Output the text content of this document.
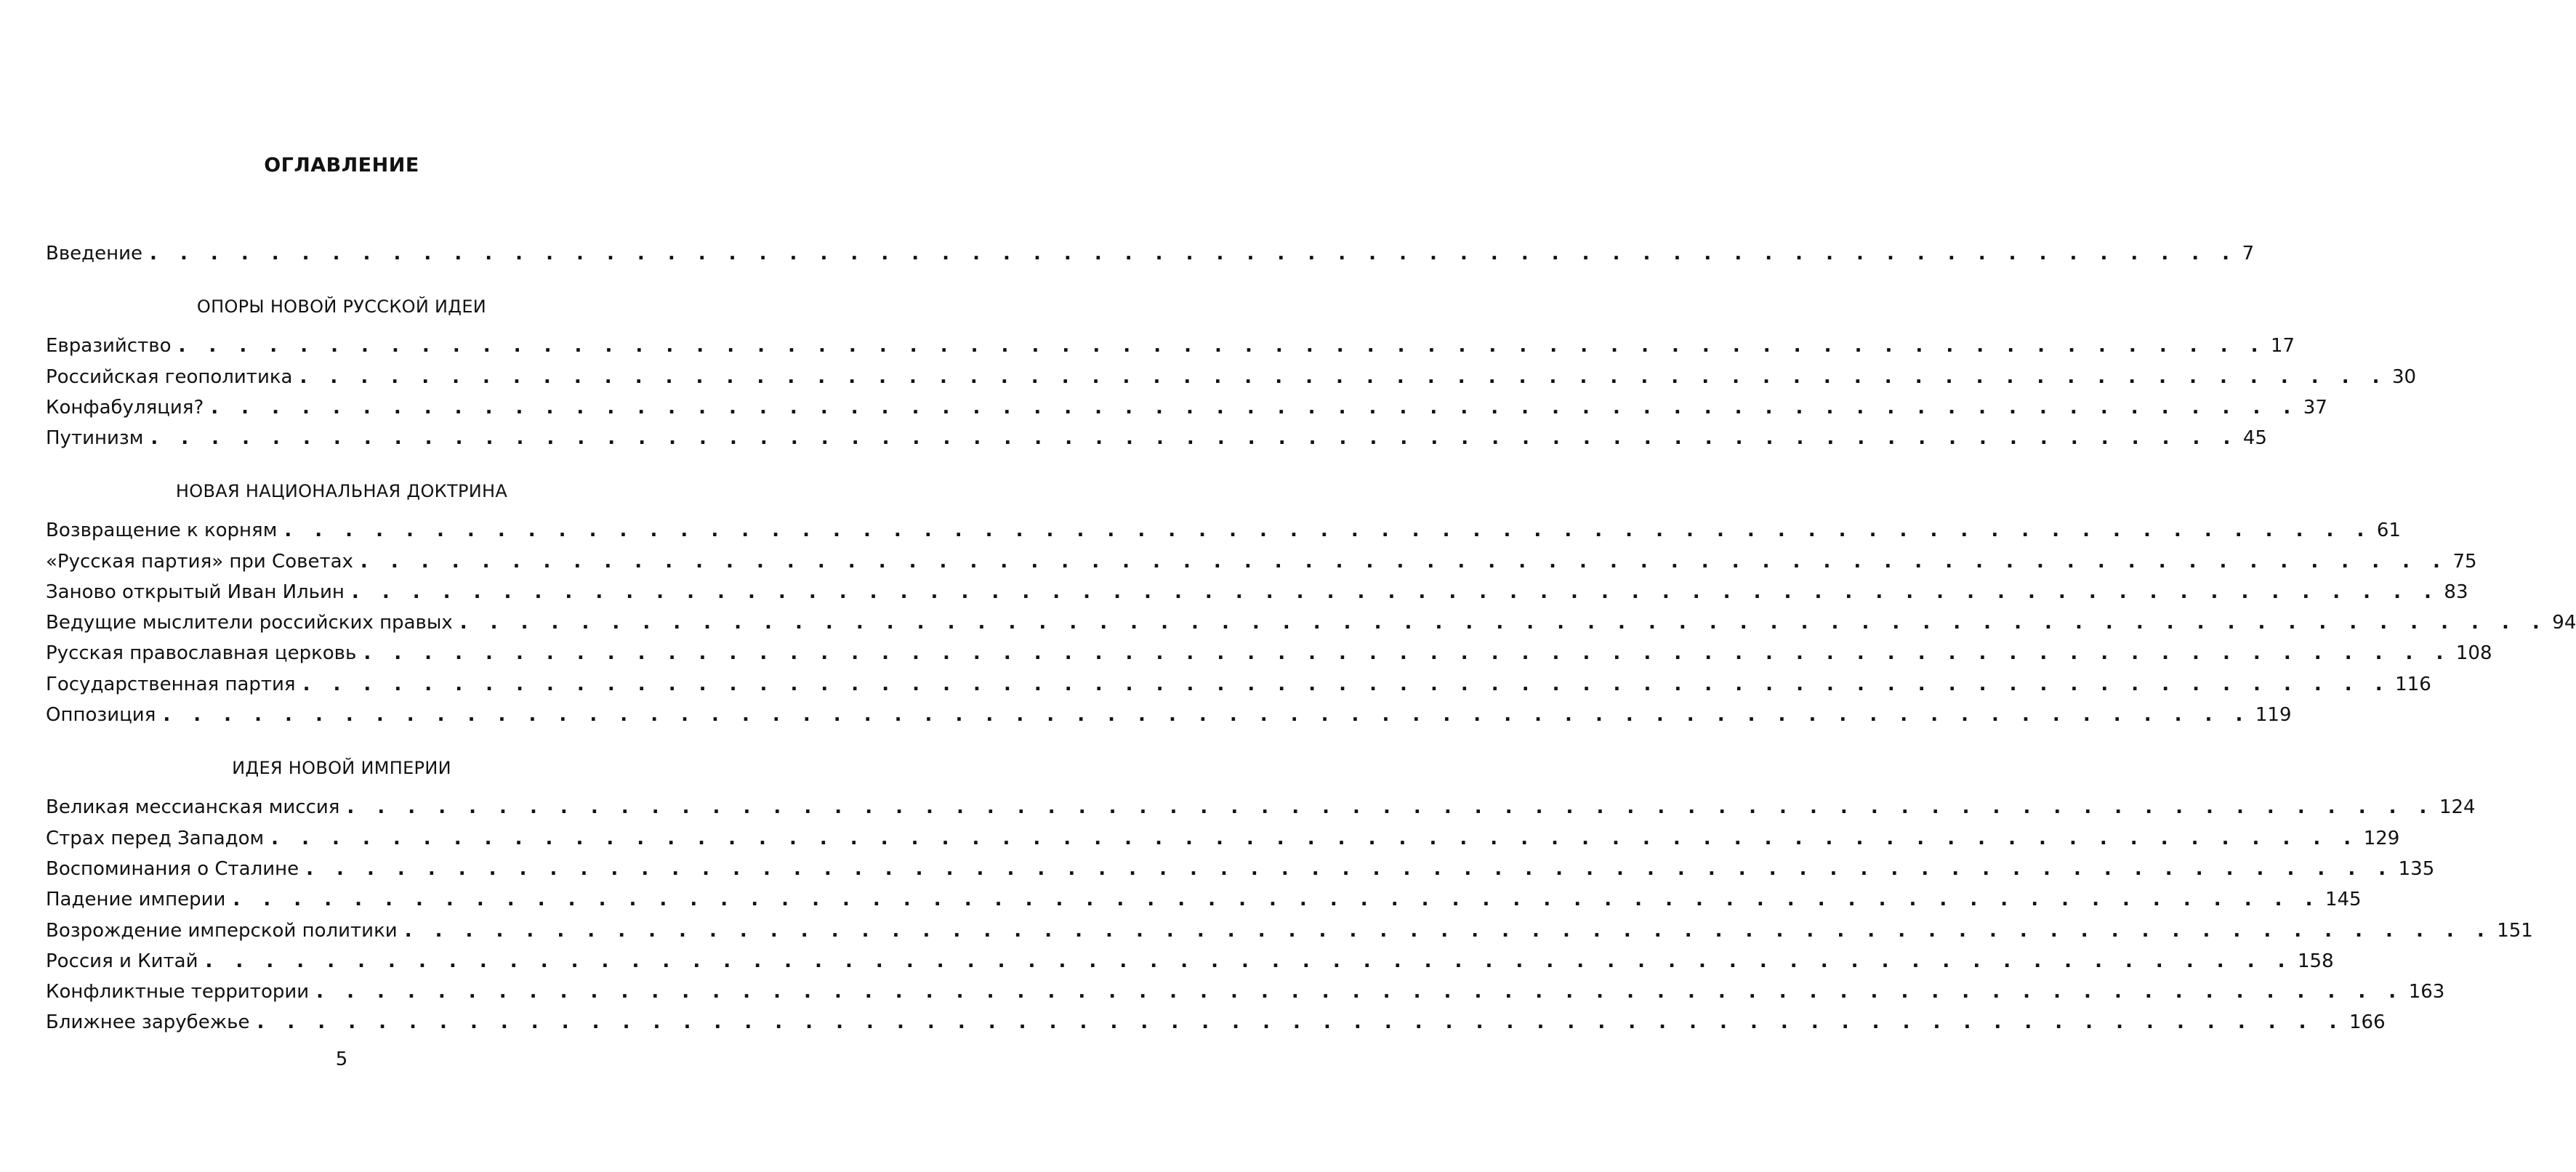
ОГЛАВЛЕНИЕ
Введение . . . . . . . . . . . . . . . . . . . . . . . . . . . . . . . . . . . . . . . . . . . . . . . . . . . . . . . . . . . . . . . . . . . . . 7
ОПОРЫ НОВОЙ РУССКОЙ ИДЕИ
Евразийство . . . . . . . . . . . . . . . . . . . . . . . . . . . . . . . . . . . . . . . . . . . . . . . . . . . . . . . . . . . . . . . . . . . . . 17
Российская геополитика . . . . . . . . . . . . . . . . . . . . . . . . . . . . . . . . . . . . . . . . . . . . . . . . . . . . . . . . . . . . . . . . . . . . . 30
Конфабуляция? . . . . . . . . . . . . . . . . . . . . . . . . . . . . . . . . . . . . . . . . . . . . . . . . . . . . . . . . . . . . . . . . . . . . . 37
Путинизм . . . . . . . . . . . . . . . . . . . . . . . . . . . . . . . . . . . . . . . . . . . . . . . . . . . . . . . . . . . . . . . . . . . . . 45
НОВАЯ НАЦИОНАЛЬНАЯ ДОКТРИНА
Возвращение к корням . . . . . . . . . . . . . . . . . . . . . . . . . . . . . . . . . . . . . . . . . . . . . . . . . . . . . . . . . . . . . . . . . . . . . 61
«Русская партия» при Советах . . . . . . . . . . . . . . . . . . . . . . . . . . . . . . . . . . . . . . . . . . . . . . . . . . . . . . . . . . . . . . . . . . . . . 75
Заново открытый Иван Ильин . . . . . . . . . . . . . . . . . . . . . . . . . . . . . . . . . . . . . . . . . . . . . . . . . . . . . . . . . . . . . . . . . . . . . 83
Ведущие мыслители российских правых . . . . . . . . . . . . . . . . . . . . . . . . . . . . . . . . . . . . . . . . . . . . . . . . . . . . . . . . . . . . . . . . . . . . . 94
Русская православная церковь . . . . . . . . . . . . . . . . . . . . . . . . . . . . . . . . . . . . . . . . . . . . . . . . . . . . . . . . . . . . . . . . . . . . . 108
Государственная партия . . . . . . . . . . . . . . . . . . . . . . . . . . . . . . . . . . . . . . . . . . . . . . . . . . . . . . . . . . . . . . . . . . . . . 116
Оппозиция . . . . . . . . . . . . . . . . . . . . . . . . . . . . . . . . . . . . . . . . . . . . . . . . . . . . . . . . . . . . . . . . . . . . . 119
ИДЕЯ НОВОЙ ИМПЕРИИ
Великая мессианская миссия . . . . . . . . . . . . . . . . . . . . . . . . . . . . . . . . . . . . . . . . . . . . . . . . . . . . . . . . . . . . . . . . . . . . . 124
Страх перед Западом . . . . . . . . . . . . . . . . . . . . . . . . . . . . . . . . . . . . . . . . . . . . . . . . . . . . . . . . . . . . . . . . . . . . . 129
Воспоминания о Сталине . . . . . . . . . . . . . . . . . . . . . . . . . . . . . . . . . . . . . . . . . . . . . . . . . . . . . . . . . . . . . . . . . . . . . 135
Падение империи . . . . . . . . . . . . . . . . . . . . . . . . . . . . . . . . . . . . . . . . . . . . . . . . . . . . . . . . . . . . . . . . . . . . . 145
Возрождение имперской политики . . . . . . . . . . . . . . . . . . . . . . . . . . . . . . . . . . . . . . . . . . . . . . . . . . . . . . . . . . . . . . . . . . . . . 151
Россия и Китай . . . . . . . . . . . . . . . . . . . . . . . . . . . . . . . . . . . . . . . . . . . . . . . . . . . . . . . . . . . . . . . . . . . . . 158
Конфликтные территории . . . . . . . . . . . . . . . . . . . . . . . . . . . . . . . . . . . . . . . . . . . . . . . . . . . . . . . . . . . . . . . . . . . . . 163
Ближнее зарубежье . . . . . . . . . . . . . . . . . . . . . . . . . . . . . . . . . . . . . . . . . . . . . . . . . . . . . . . . . . . . . . . . . . . . . 166
5
